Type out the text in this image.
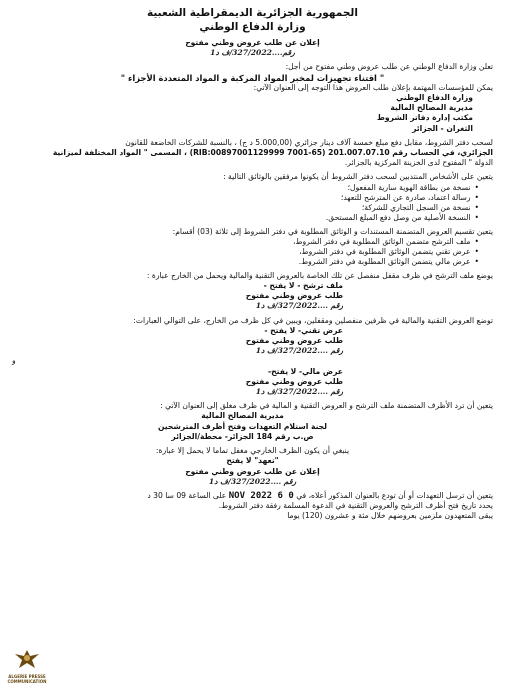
الجمهورية الجزائرية الديمقراطية الشعبية
وزارة الدفاع الوطني
إعلان عن طلب عروض وطني مفتوح
رقم....327/2022/ف د1
تعلن وزارة الدفاع الوطني عن طلب عروض وطني مفتوح من أجل:
" اقتناء تجهيزات لمخبر المواد المركبة و المواد المتعددة الأجزاء "
يمكن للمؤسسات المهتمة بإعلان طلب العروض هذا التوجه إلى العنوان الآتي:
وزارة الدفاع الوطني
مديرية المصالح المالية
مكتب إدارة دفاتر الشروط
الثغران - الجزائر
لسحب دفتر الشروط، مقابل دفع مبلغ خمسة آلاف دينار جزائري (5.000,00 د ج) ، بالنسبة للشركات الخاضعة للقانون
الجزائري، في الحساب رقم 201.007.07.10 (RIB:00897001129999 7001-65) ، المسمى " المواد المختلفة لميزانية
الدولة " المفتوح لدى الخزينة المركزية بالجزائر.
يتعين على الأشخاص المنتدبين لسحب دفتر الشروط أن يكونوا مرفقين بالوثائق التالية :
• نسخة من بطاقة الهوية سارية المفعول؛
• رسالة اعتماد، صادرة عن المترشح للتعهد؛
• نسخة من السجل التجاري للشركة؛
• النسخة الأصلية من وصل دفع المبلغ المستحق.
يتعين تقسيم العروض المتضمنة المستندات و الوثائق المطلوبة في دفتر الشروط إلى ثلاثة (03) أقسام:
• ملف الترشح متضمن الوثائق المطلوبة في دفتر الشروط،
• عرض تقني يتضمن الوثائق المطلوبة في دفتر الشروط،
• عرض مالي يتضمن الوثائق المطلوبة في دفتر الشروط.
يوضع ملف الترشح في ظرف مقفل منفصل عن تلك الخاصة بالعروض التقنية والمالية ويحمل من الخارج عبارة :
ملف ترشح - لا يفتح -
طلب عروض وطني مفتوح
رقم ....327/2022/ف د1
توضع العروض التقنية والمالية في ظرفين منفصلين ومقفلين، ويبين في كل ظرف من الخارج، على التوالي العبارات:
عرض تقني- لا يفتح -
طلب عروض وطني مفتوح
رقم ....327/2022/ف د1
و
عرض مالي- لا يفتح-
طلب عروض وطني مفتوح
رقم ....327/2022/ف د1
يتعين أن ترد الأظرف المتضمنة ملف الترشح و العروض التقنية و المالية في ظرف مغلق إلى العنوان الآتي :
مديرية المصالح المالية
لجنة استلام التعهدات وفتح أظرف المترشحين
ص.ب رقم 184 الجزائر- محطة/الجزائر
ينبغي أن يكون الظرف الخارجي مغفل تماما لا يحمل إلا عبارة:
"تعهد" لا يفتح
إعلان عن طلب عروض وطني مفتوح
رقم ....327/2022/ف د1
يتعين أن ترسل التعهدات أو أن تودع بالعنوان المذكور أعلاه، في 0 6 NOV 2022 على الساعة 09 سا 30 د
يحدد تاريخ فتح أظرف الترشح والعروض التقنية في الدعوة المسلمة رفقة دفتر الشروط.
يبقى المتعهدون ملزمين بعروضهم خلال مئة و عشرون (120) يوما
ALGERIE PRESSE
COMMUNICATION
